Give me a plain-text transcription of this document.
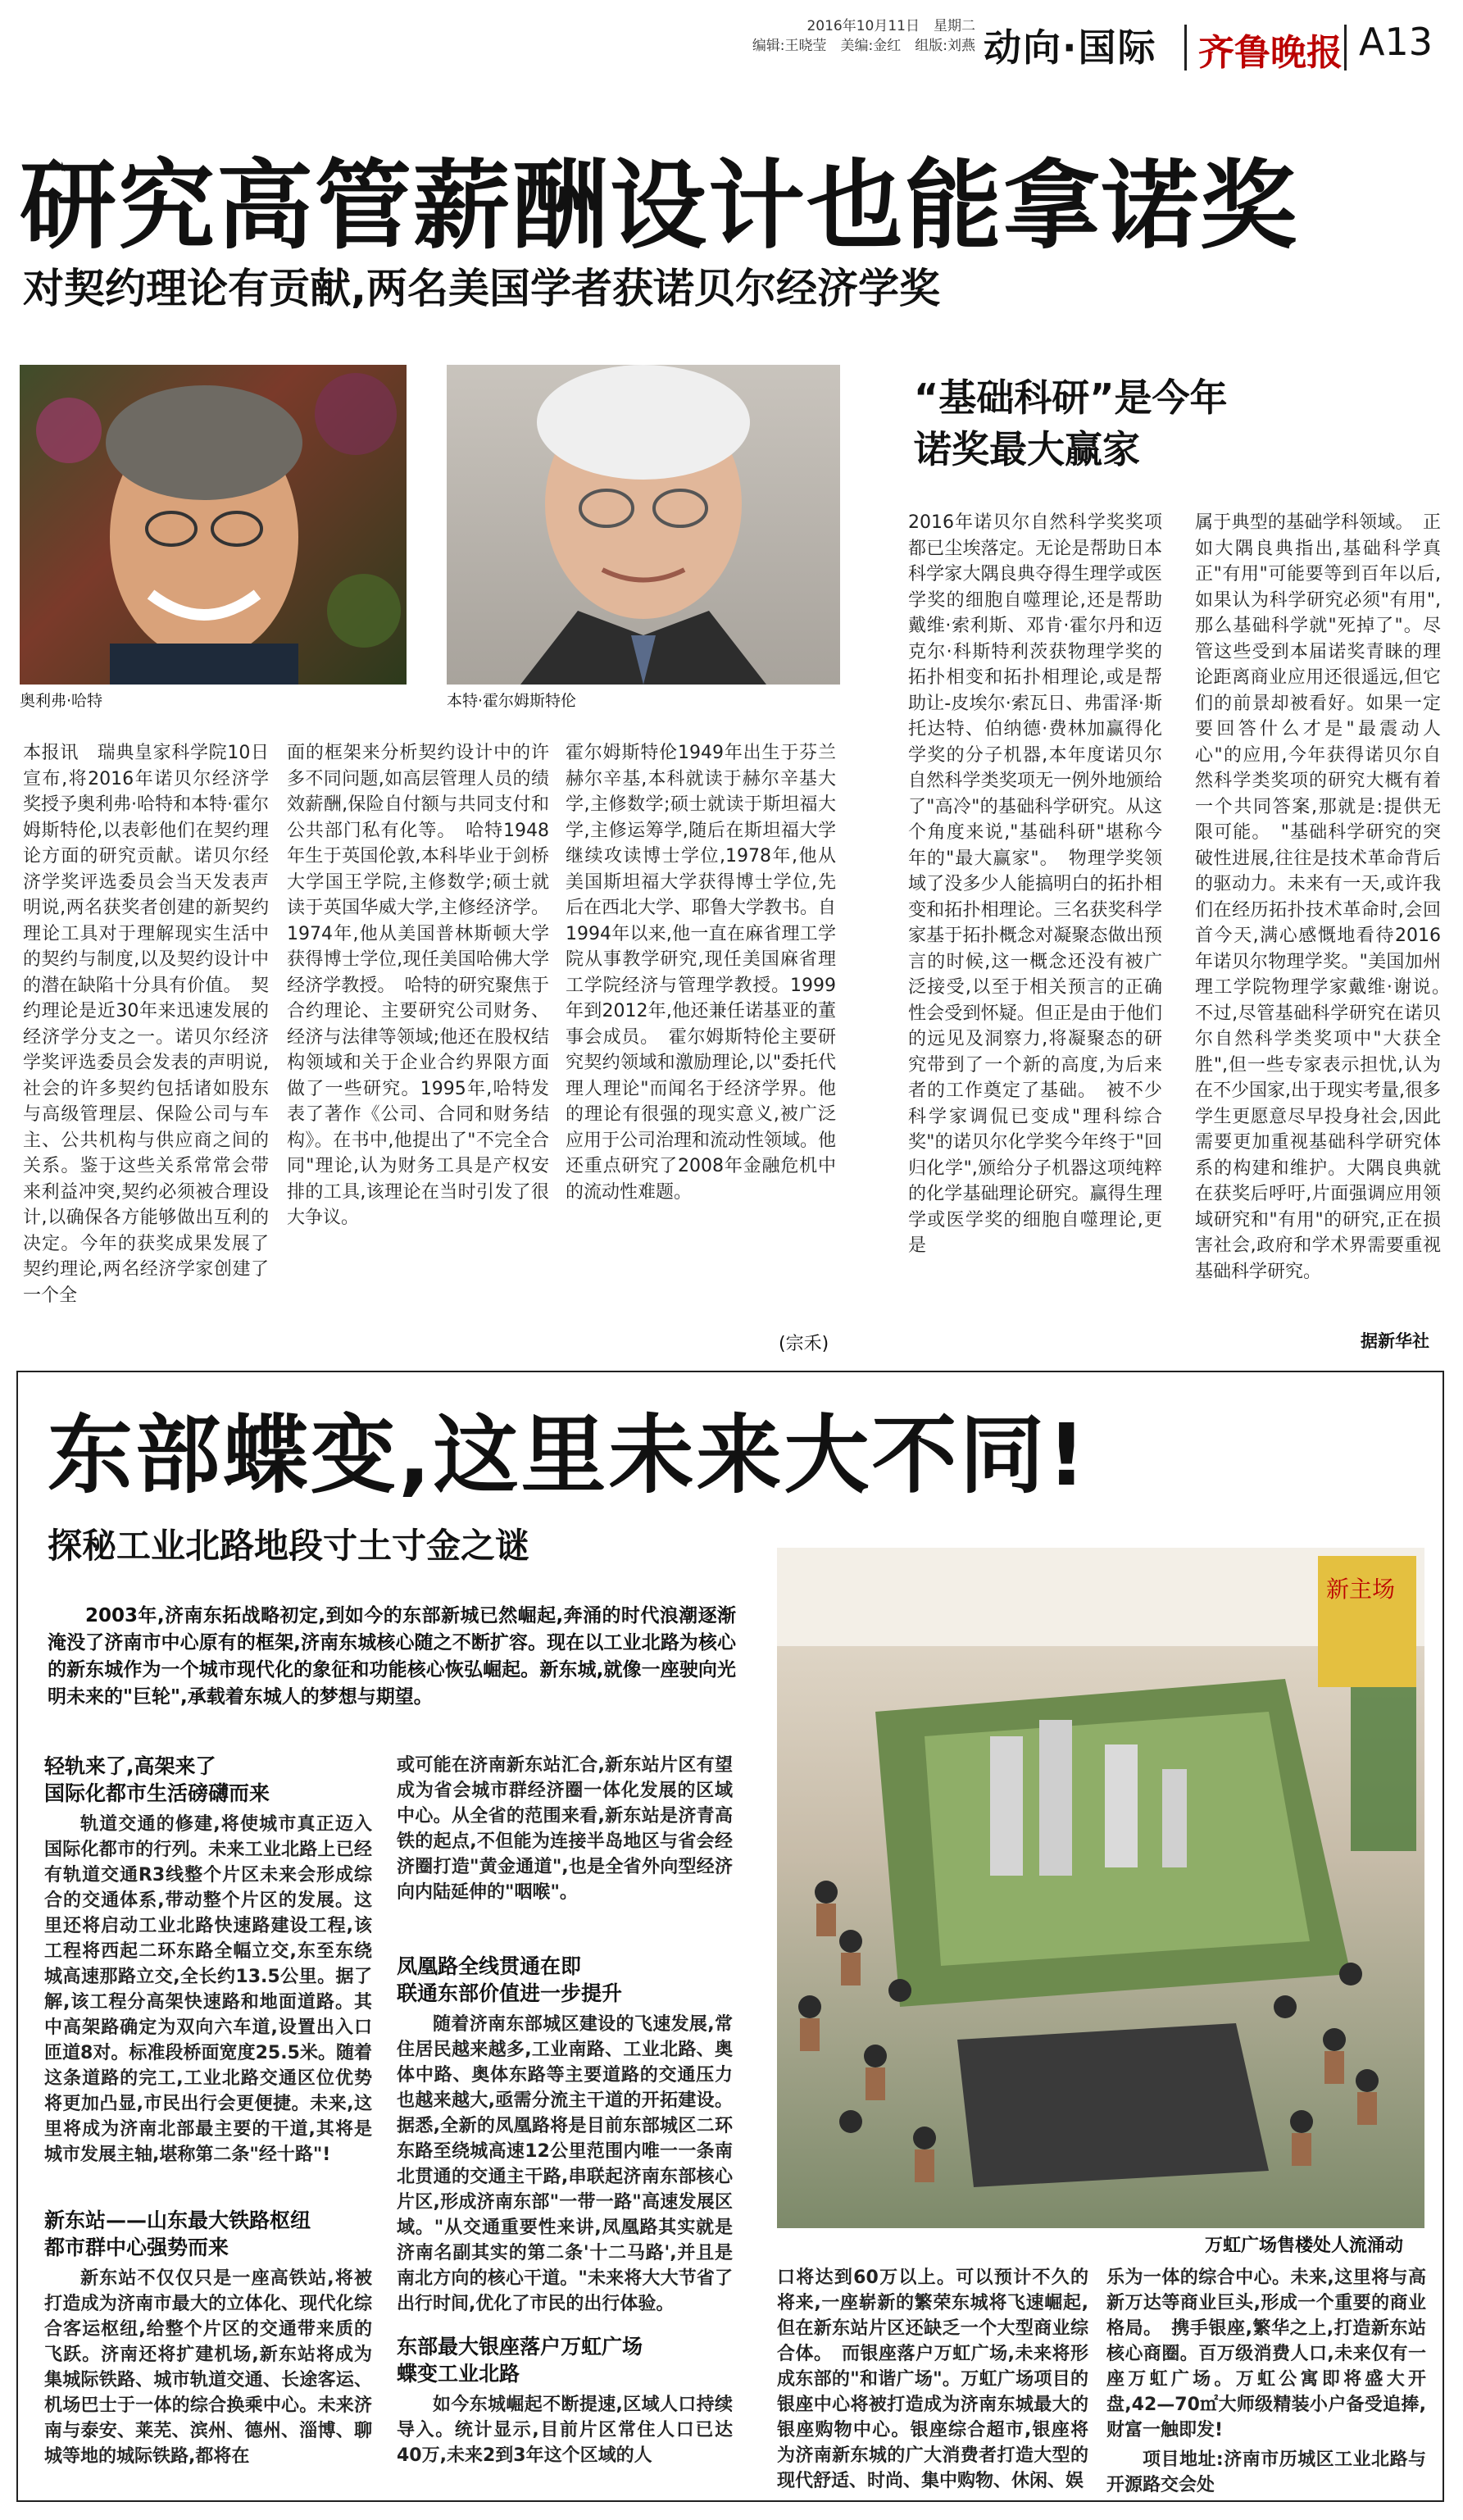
2016年10月11日　星期二
编辑:王晓莹　美编:金红　组版:刘燕 动向·国际 齐鲁晚报 A13
研究高管薪酬设计也能拿诺奖
对契约理论有贡献,两名美国学者获诺贝尔经济学奖
奥利弗·哈特	本特·霍尔姆斯特伦
本报讯　瑞典皇家科学院10日宣布,将2016年诺贝尔经济学奖授予奥利弗·哈特和本特·霍尔姆斯特伦,以表彰他们在契约理论方面的研究贡献。诺贝尔经济学奖评选委员会当天发表声明说,两名获奖者创建的新契约理论工具对于理解现实生活中的契约与制度,以及契约设计中的潜在缺陷十分具有价值。　契约理论是近30年来迅速发展的经济学分支之一。诺贝尔经济学奖评选委员会发表的声明说,社会的许多契约包括诸如股东与高级管理层、保险公司与车主、公共机构与供应商之间的关系。鉴于这些关系常常会带来利益冲突,契约必须被合理设计,以确保各方能够做出互利的决定。今年的获奖成果发展了契约理论,两名经济学家创建了一个全
面的框架来分析契约设计中的许多不同问题,如高层管理人员的绩效薪酬,保险自付额与共同支付和公共部门私有化等。　哈特1948年生于英国伦敦,本科毕业于剑桥大学国王学院,主修数学;硕士就读于英国华威大学,主修经济学。1974年,他从美国普林斯顿大学获得博士学位,现任美国哈佛大学经济学教授。　哈特的研究聚焦于合约理论、主要研究公司财务、经济与法律等领域;他还在股权结构领域和关于企业合约界限方面做了一些研究。1995年,哈特发表了著作《公司、合同和财务结构》。在书中,他提出了"不完全合同"理论,认为财务工具是产权安排的工具,该理论在当时引发了很大争议。
霍尔姆斯特伦1949年出生于芬兰赫尔辛基,本科就读于赫尔辛基大学,主修数学;硕士就读于斯坦福大学,主修运筹学,随后在斯坦福大学继续攻读博士学位,1978年,他从美国斯坦福大学获得博士学位,先后在西北大学、耶鲁大学教书。自1994年以来,他一直在麻省理工学院从事教学研究,现任美国麻省理工学院经济与管理学教授。1999年到2012年,他还兼任诺基亚的董事会成员。　霍尔姆斯特伦主要研究契约领域和激励理论,以"委托代理人理论"而闻名于经济学界。他的理论有很强的现实意义,被广泛应用于公司治理和流动性领域。他还重点研究了2008年金融危机中的流动性难题。
(宗禾)
“基础科研”是今年
诺奖最大赢家
2016年诺贝尔自然科学奖奖项都已尘埃落定。无论是帮助日本科学家大隅良典夺得生理学或医学奖的细胞自噬理论,还是帮助戴维·索利斯、邓肯·霍尔丹和迈克尔·科斯特利茨获物理学奖的拓扑相变和拓扑相理论,或是帮助让-皮埃尔·索瓦日、弗雷泽·斯托达特、伯纳德·费林加赢得化学奖的分子机器,本年度诺贝尔自然科学类奖项无一例外地颁给了"高冷"的基础科学研究。从这个角度来说,"基础科研"堪称今年的"最大赢家"。　物理学奖领域了没多少人能搞明白的拓扑相变和拓扑相理论。三名获奖科学家基于拓扑概念对凝聚态做出预言的时候,这一概念还没有被广泛接受,以至于相关预言的正确性会受到怀疑。但正是由于他们的远见及洞察力,将凝聚态的研究带到了一个新的高度,为后来者的工作奠定了基础。　被不少科学家调侃已变成"理科综合奖"的诺贝尔化学奖今年终于"回归化学",颁给分子机器这项纯粹的化学基础理论研究。赢得生理学或医学奖的细胞自噬理论,更是
属于典型的基础学科领域。　正如大隅良典指出,基础科学真正"有用"可能要等到百年以后,如果认为科学研究必须"有用",那么基础科学就"死掉了"。尽管这些受到本届诺奖青睐的理论距离商业应用还很遥远,但它们的前景却被看好。如果一定要回答什么才是"最震动人心"的应用,今年获得诺贝尔自然科学类奖项的研究大概有着一个共同答案,那就是:提供无限可能。　"基础科学研究的突破性进展,往往是技术革命背后的驱动力。未来有一天,或许我们在经历拓扑技术革命时,会回首今天,满心感慨地看待2016年诺贝尔物理学奖。"美国加州理工学院物理学家戴维·谢说。　不过,尽管基础科学研究在诺贝尔自然科学类奖项中"大获全胜",但一些专家表示担忧,认为在不少国家,出于现实考量,很多学生更愿意尽早投身社会,因此需要更加重视基础科学研究体系的构建和维护。大隅良典就在获奖后呼吁,片面强调应用领域研究和"有用"的研究,正在损害社会,政府和学术界需要重视基础科学研究。
据新华社
东部蝶变,这里未来大不同!
探秘工业北路地段寸土寸金之谜

2003年,济南东拓战略初定,到如今的东部新城已然崛起,奔涌的时代浪潮逐渐淹没了济南市中心原有的框架,济南东城核心随之不断扩容。现在以工业北路为核心的新东城作为一个城市现代化的象征和功能核心恢弘崛起。新东城,就像一座驶向光明未来的"巨轮",承载着东城人的梦想与期望。

新主场
万虹广场售楼处人流涌动
轻轨来了,高架来了
国际化都市生活磅礴而来

轨道交通的修建,将使城市真正迈入国际化都市的行列。未来工业北路上已经有轨道交通R3线整个片区未来会形成综合的交通体系,带动整个片区的发展。这里还将启动工业北路快速路建设工程,该工程将西起二环东路全幅立交,东至东绕城高速那路立交,全长约13.5公里。据了解,该工程分高架快速路和地面道路。其中高架路确定为双向六车道,设置出入口匝道8对。标准段桥面宽度25.5米。随着这条道路的完工,工业北路交通区位优势将更加凸显,市民出行会更便捷。未来,这里将成为济南北部最主要的干道,其将是城市发展主轴,堪称第二条"经十路"!

新东站——山东最大铁路枢纽
都市群中心强势而来

新东站不仅仅只是一座高铁站,将被打造成为济南市最大的立体化、现代化综合客运枢纽,给整个片区的交通带来质的飞跃。济南还将扩建机场,新东站将成为集城际铁路、城市轨道交通、长途客运、机场巴士于一体的综合换乘中心。未来济南与泰安、莱芜、滨州、德州、淄博、聊城等地的城际铁路,都将在

或可能在济南新东站汇合,新东站片区有望成为省会城市群经济圈一体化发展的区域中心。从全省的范围来看,新东站是济青高铁的起点,不但能为连接半岛地区与省会经济圈打造"黄金通道",也是全省外向型经济向内陆延伸的"咽喉"。
凤凰路全线贯通在即
联通东部价值进一步提升

随着济南东部城区建设的飞速发展,常住居民越来越多,工业南路、工业北路、奥体中路、奥体东路等主要道路的交通压力也越来越大,亟需分流主干道的开拓建设。据悉,全新的凤凰路将是目前东部城区二环东路至绕城高速12公里范围内唯一一条南北贯通的交通主干路,串联起济南东部核心片区,形成济南东部"一带一路"高速发展区域。"从交通重要性来讲,凤凰路其实就是济南名副其实的第二条'十二马路',并且是南北方向的核心干道。"未来将大大节省了出行时间,优化了市民的出行体验。

东部最大银座落户万虹广场
蝶变工业北路

如今东城崛起不断提速,区域人口持续导入。统计显示,目前片区常住人口已达40万,未来2到3年这个区域的人

口将达到60万以上。可以预计不久的将来,一座崭新的繁荣东城将飞速崛起,但在新东站片区还缺乏一个大型商业综合体。　而银座落户万虹广场,未来将形成东部的"和谐广场"。万虹广场项目的银座中心将被打造成为济南东城最大的银座购物中心。银座综合超市,银座将为济南新东城的广大消费者打造大型的现代舒适、时尚、集中购物、休闲、娱
乐为一体的综合中心。未来,这里将与高新万达等商业巨头,形成一个重要的商业格局。　携手银座,繁华之上,打造新东站核心商圈。百万级消费人口,未来仅有一座万虹广场。万虹公寓即将盛大开盘,42—70㎡大师级精装小户备受追捧,财富一触即发!

项目地址:济南市历城区工业北路与开源路交会处
